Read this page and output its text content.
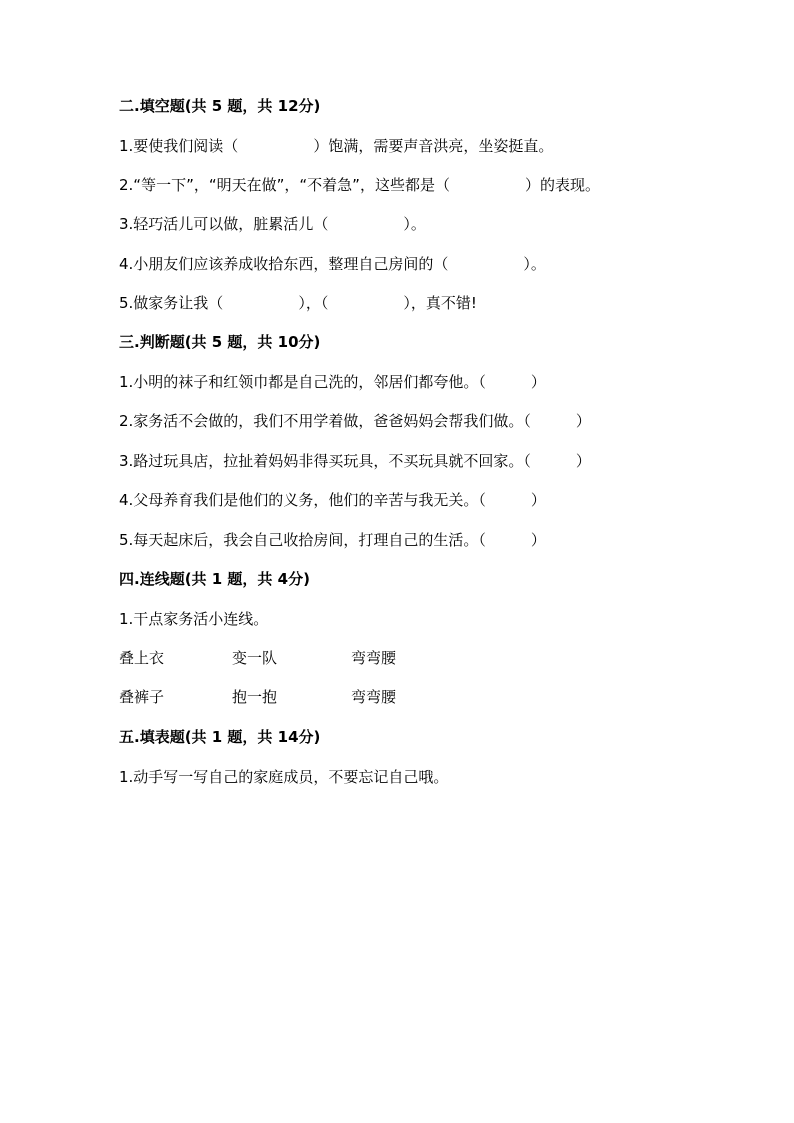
二.填空题(共 5 题，共 12分)
1.要使我们阅读（　　　　　）饱满，需要声音洪亮，坐姿挺直。
2.“等一下”，“明天在做”，“不着急”，这些都是（　　　　　）的表现。
3.轻巧活儿可以做，脏累活儿（　　　　　）。
4.小朋友们应该养成收拾东西，整理自己房间的（　　　　　）。
5.做家务让我（　　　　　），（　　　　　），真不错!
三.判断题(共 5 题，共 10分)
1.小明的袜子和红领巾都是自己洗的，邻居们都夸他。（　　　）
2.家务活不会做的，我们不用学着做，爸爸妈妈会帮我们做。（　　　）
3.路过玩具店，拉扯着妈妈非得买玩具，不买玩具就不回家。（　　　）
4.父母养育我们是他们的义务，他们的辛苦与我无关。（　　　）
5.每天起床后，我会自己收拾房间，打理自己的生活。（　　　）
四.连线题(共 1 题，共 4分)
1.干点家务活小连线。
叠上衣	变一队	弯弯腰
叠裤子	抱一抱	弯弯腰
五.填表题(共 1 题，共 14分)
1.动手写一写自己的家庭成员，不要忘记自己哦。
